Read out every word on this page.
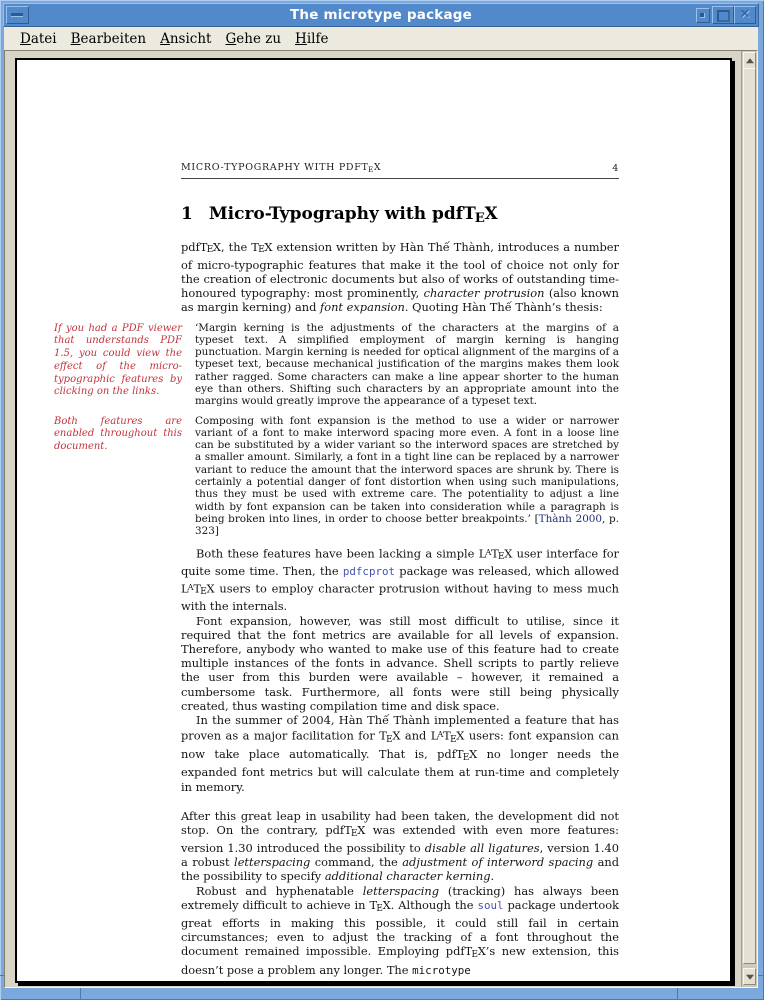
The microtype package	✕
Datei	Bearbeiten	Ansicht	Gehe zu	Hilfe
MICRO-TYPOGRAPHY WITH PDFTEX	4
1 Micro-Typography with pdfTEX
pdfTEX, the TEX extension written by Hàn Thế Thành, introduces a number of micro-typographic features that make it the tool of choice not only for the creation of electronic documents but also of works of outstanding time-honoured typography: most prominently, character protrusion (also known as margin kerning) and font expansion. Quoting Hàn Thế Thành’s thesis:
If you had a PDF viewer that understands PDF 1.5, you could view the effect of the micro-typographic features by clicking on the links.
‘Margin kerning is the adjustments of the characters at the margins of a typeset text. A simplified employment of margin kerning is hanging punctuation. Margin kerning is needed for optical alignment of the margins of a typeset text, because mechanical justification of the margins makes them look rather ragged. Some characters can make a line appear shorter to the human eye than others. Shifting such characters by an appropriate amount into the margins would greatly improve the appearance of a typeset text.
Both features are enabled throughout this document.
Composing with font expansion is the method to use a wider or narrower variant of a font to make interword spacing more even. A font in a loose line can be substituted by a wider variant so the interword spaces are stretched by a smaller amount. Similarly, a font in a tight line can be replaced by a narrower variant to reduce the amount that the interword spaces are shrunk by. There is certainly a potential danger of font distortion when using such manipulations, thus they must be used with extreme care. The potentiality to adjust a line width by font expansion can be taken into consideration while a paragraph is being broken into lines, in order to choose better breakpoints.’ [Thành 2000, p. 323]
Both these features have been lacking a simple $L^ATEX$ user interface for quite some time. Then, the pdfcprot package was released, which allowed $L^ATEX$ users to employ character protrusion without having to mess much with the internals.
Font expansion, however, was still most difficult to utilise, since it required that the font metrics are available for all levels of expansion. Therefore, anybody who wanted to make use of this feature had to create multiple instances of the fonts in advance. Shell scripts to partly relieve the user from this burden were available – however, it remained a cumbersome task. Furthermore, all fonts were still being physically created, thus wasting compilation time and disk space.
In the summer of 2004, Hàn Thế Thành implemented a feature that has proven as a major facilitation for TEX and $L^ATEX$ users: font expansion can now take place automatically. That is, pdfTEX no longer needs the expanded font metrics but will calculate them at run-time and completely in memory.
After this great leap in usability had been taken, the development did not stop. On the contrary, pdfTEX was extended with even more features: version 1.30 introduced the possibility to disable all ligatures, version 1.40 a robust letterspacing command, the adjustment of interword spacing and the possibility to specify additional character kerning.
Robust and hyphenatable letterspacing (tracking) has always been extremely difficult to achieve in TEX. Although the soul package undertook great efforts in making this possible, it could still fail in certain circumstances; even to adjust the tracking of a font throughout the document remained impossible. Employing pdfTEX’s new extension, this doesn’t pose a problem any longer. The microtype
